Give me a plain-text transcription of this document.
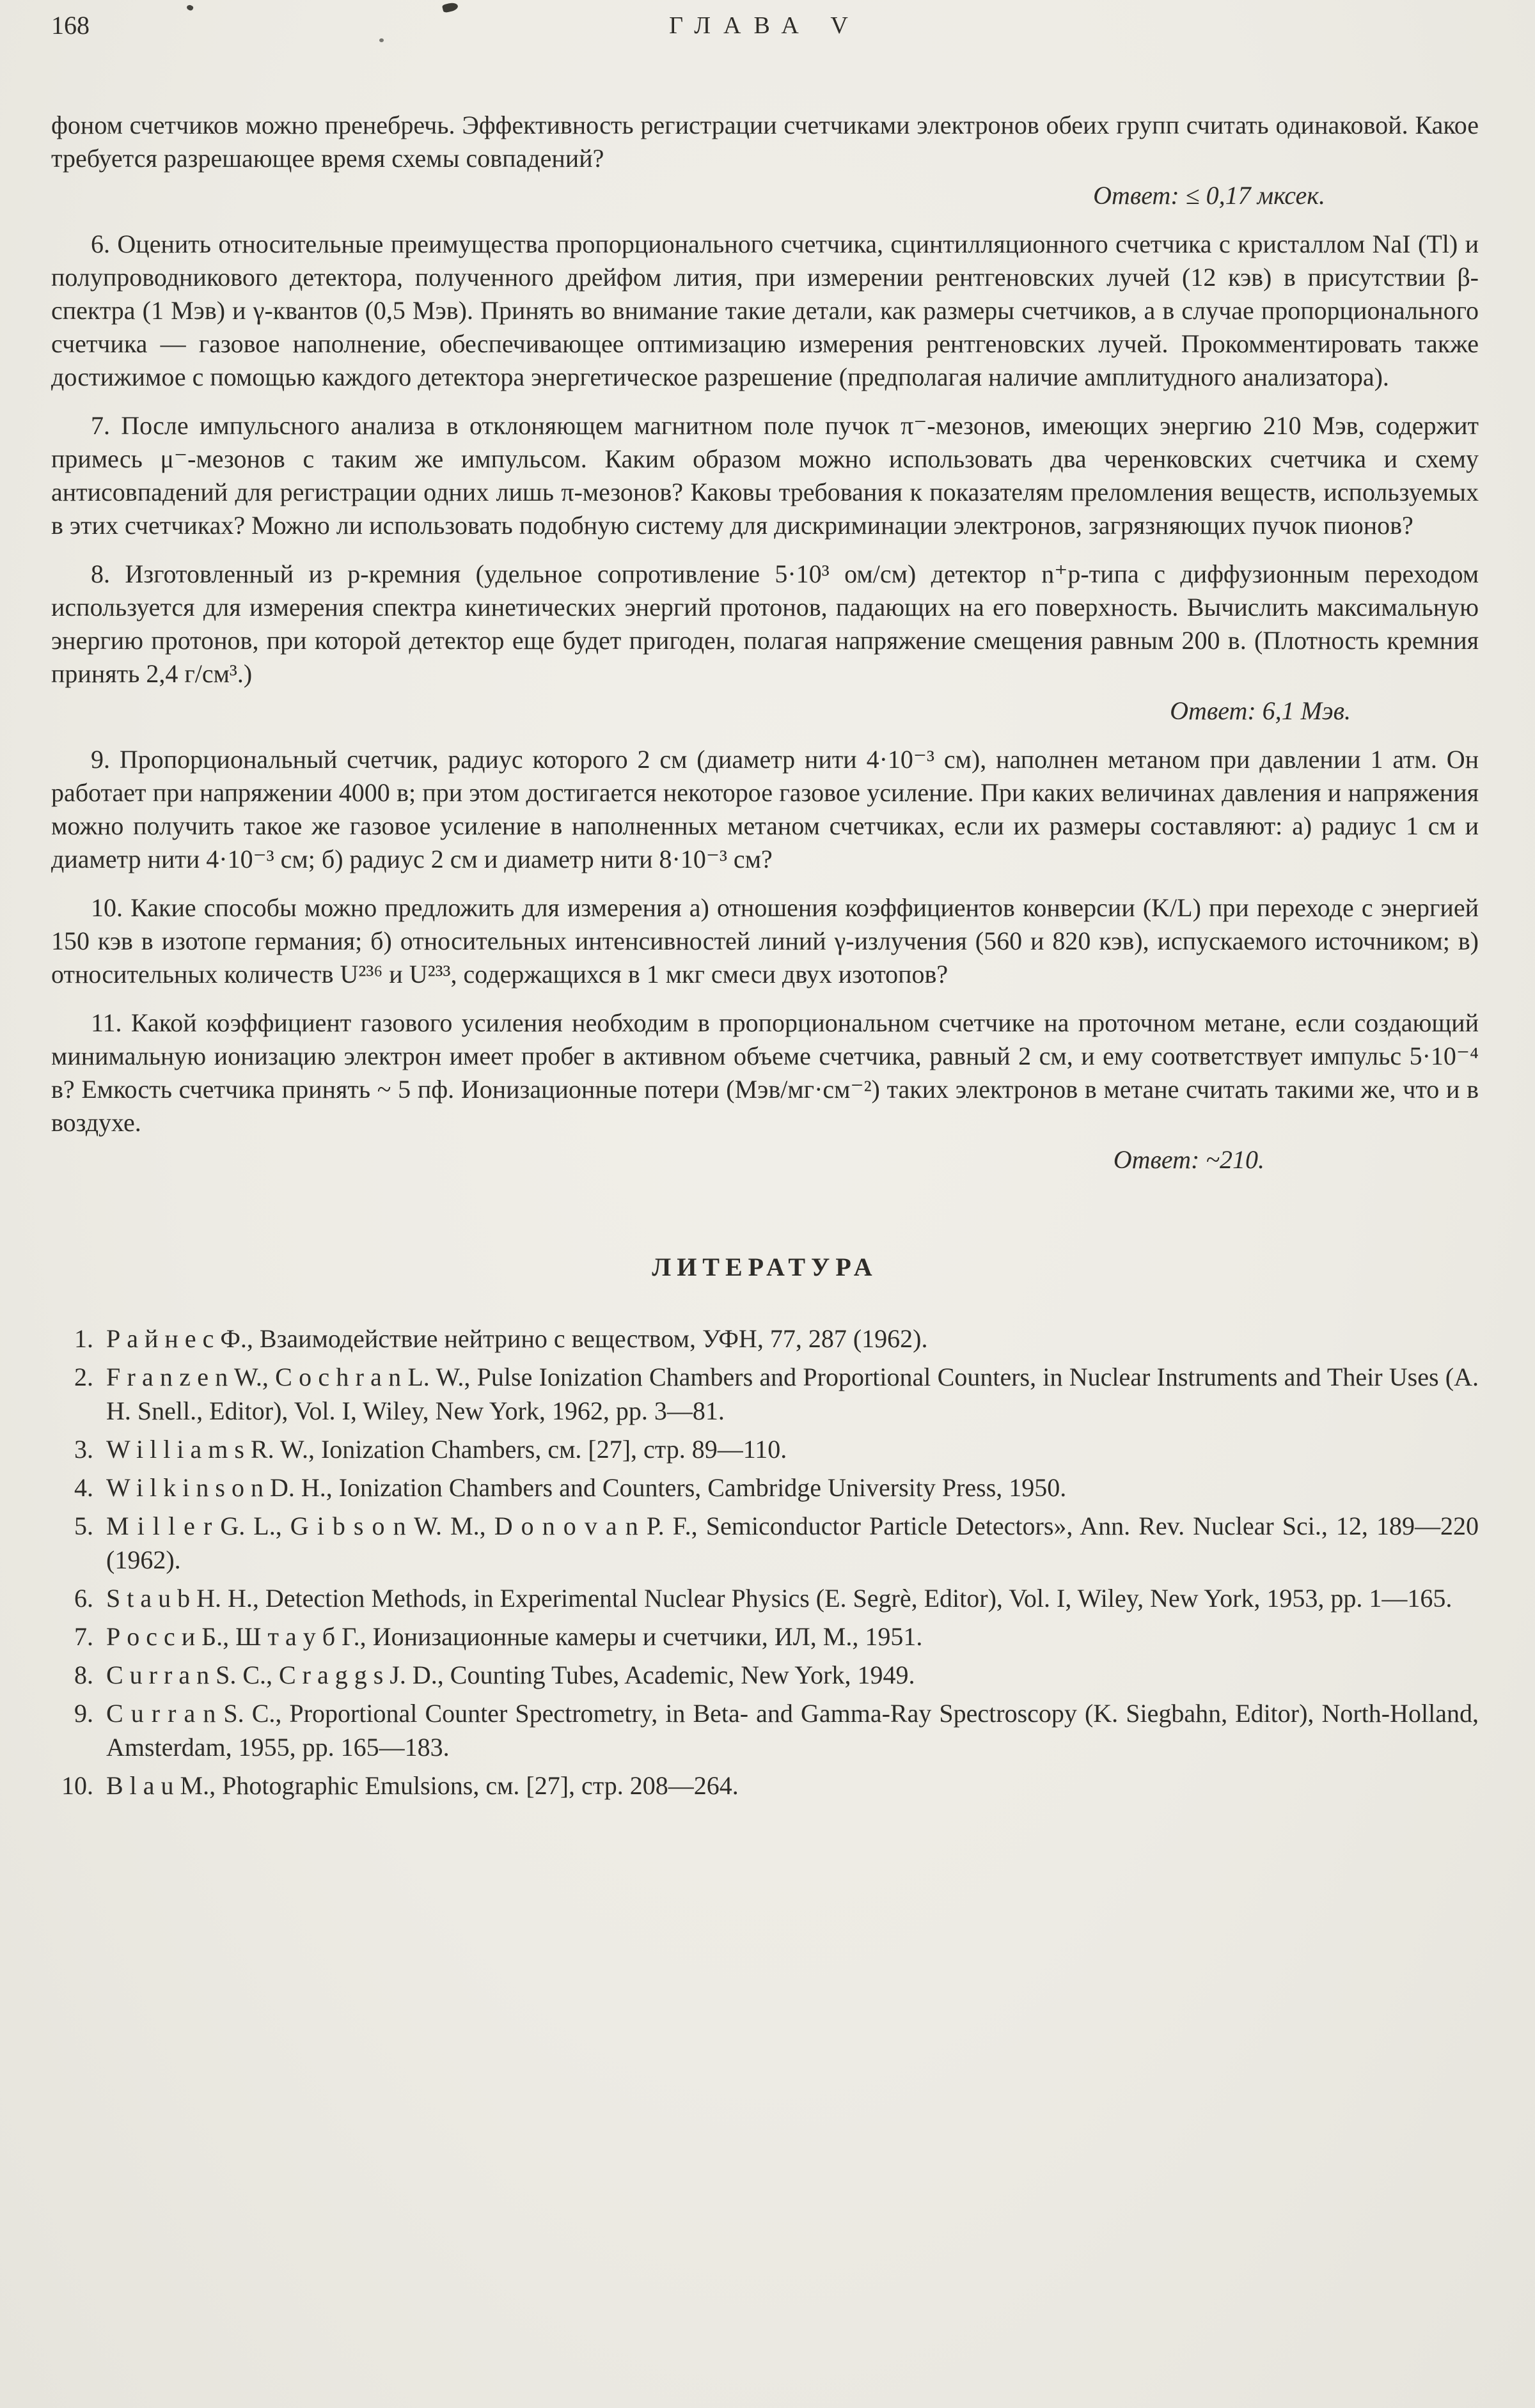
168	ГЛАВА V

фоном счетчиков можно пренебречь. Эффективность регистрации счетчиками электронов обеих групп считать одинаковой. Какое требуется разрешающее время схемы совпадений?

Ответ: ≤ 0,17 мксек.

6. Оценить относительные преимущества пропорционального счетчика, сцинтилляционного счетчика с кристаллом NaI (Tl) и полупроводникового детектора, полученного дрейфом лития, при измерении рентгеновских лучей (12 кэв) в присутствии β-спектра (1 Мэв) и γ-квантов (0,5 Мэв). Принять во внимание такие детали, как размеры счетчиков, а в случае пропорционального счетчика — газовое наполнение, обеспечивающее оптимизацию измерения рентгеновских лучей. Прокомментировать также достижимое с помощью каждого детектора энергетическое разрешение (предполагая наличие амплитудного анализатора).

7. После импульсного анализа в отклоняющем магнитном поле пучок π⁻-мезонов, имеющих энергию 210 Мэв, содержит примесь μ⁻-мезонов с таким же импульсом. Каким образом можно использовать два черенковских счетчика и схему антисовпадений для регистрации одних лишь π-мезонов? Каковы требования к показателям преломления веществ, используемых в этих счетчиках? Можно ли использовать подобную систему для дискриминации электронов, загрязняющих пучок пионов?

8. Изготовленный из p-кремния (удельное сопротивление 5·10³ ом/см) детектор n⁺p-типа с диффузионным переходом используется для измерения спектра кинетических энергий протонов, падающих на его поверхность. Вычислить максимальную энергию протонов, при которой детектор еще будет пригоден, полагая напряжение смещения равным 200 в. (Плотность кремния принять 2,4 г/см³.)

Ответ: 6,1 Мэв.

9. Пропорциональный счетчик, радиус которого 2 см (диаметр нити 4·10⁻³ см), наполнен метаном при давлении 1 атм. Он работает при напряжении 4000 в; при этом достигается некоторое газовое усиление. При каких величинах давления и напряжения можно получить такое же газовое усиление в наполненных метаном счетчиках, если их размеры составляют: а) радиус 1 см и диаметр нити 4·10⁻³ см; б) радиус 2 см и диаметр нити 8·10⁻³ см?

10. Какие способы можно предложить для измерения а) отношения коэффициентов конверсии (K/L) при переходе с энергией 150 кэв в изотопе германия; б) относительных интенсивностей линий γ-излучения (560 и 820 кэв), испускаемого источником; в) относительных количеств U²³⁶ и U²³³, содержащихся в 1 мкг смеси двух изотопов?

11. Какой коэффициент газового усиления необходим в пропорциональном счетчике на проточном метане, если создающий минимальную ионизацию электрон имеет пробег в активном объеме счетчика, равный 2 см, и ему соответствует импульс 5·10⁻⁴ в? Емкость счетчика принять ~ 5 пф. Ионизационные потери (Мэв/мг·см⁻²) таких электронов в метане считать такими же, что и в воздухе.

Ответ: ~210.

ЛИТЕРАТУРА
1. Р а й н е с Ф., Взаимодействие нейтрино с веществом, УФН, 77, 287 (1962).
2. F r a n z e n W., C o c h r a n L. W., Pulse Ionization Chambers and Proportional Counters, in Nuclear Instruments and Their Uses (A. H. Snell., Editor), Vol. I, Wiley, New York, 1962, pp. 3—81.
3. W i l l i a m s R. W., Ionization Chambers, см. [27], стр. 89—110.
4. W i l k i n s o n D. H., Ionization Chambers and Counters, Cambridge University Press, 1950.
5. M i l l e r G. L., G i b s o n W. M., D o n o v a n P. F., Semiconductor Particle Detectors», Ann. Rev. Nuclear Sci., 12, 189—220 (1962).
6. S t a u b H. H., Detection Methods, in Experimental Nuclear Physics (E. Segrè, Editor), Vol. I, Wiley, New York, 1953, pp. 1—165.
7. Р о с с и Б., Ш т а у б Г., Ионизационные камеры и счетчики, ИЛ, М., 1951.
8. C u r r a n S. C., C r a g g s J. D., Counting Tubes, Academic, New York, 1949.
9. C u r r a n S. C., Proportional Counter Spectrometry, in Beta- and Gamma-Ray Spectroscopy (K. Siegbahn, Editor), North-Holland, Amsterdam, 1955, pp. 165—183.
10. B l a u M., Photographic Emulsions, см. [27], стр. 208—264.
